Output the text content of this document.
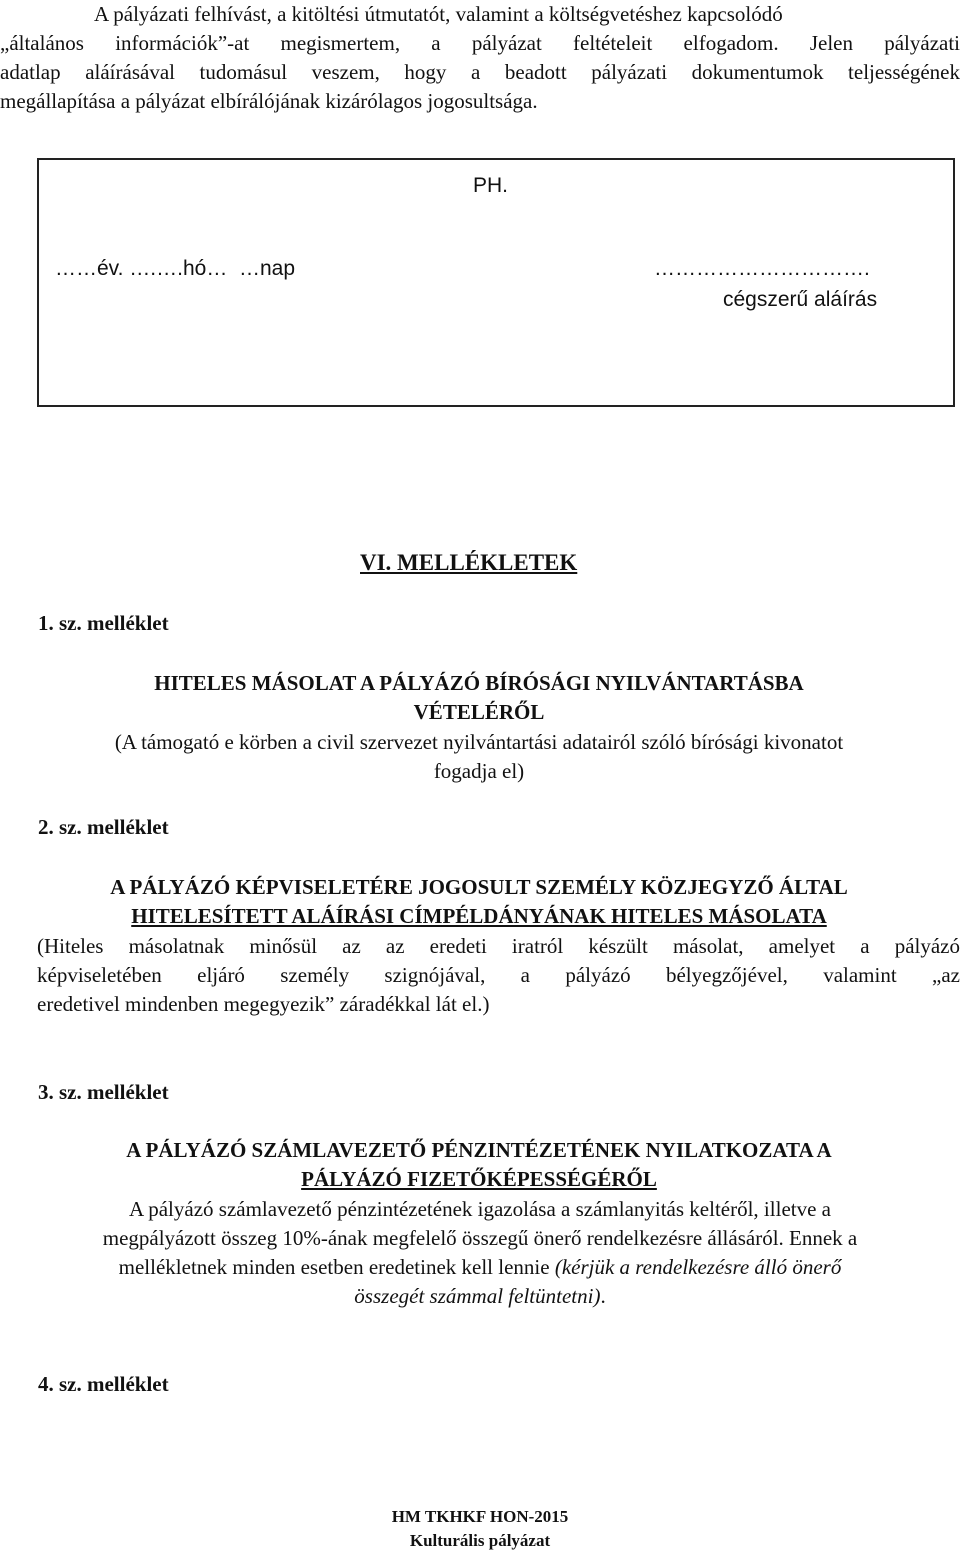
A pályázati felhívást, a kitöltési útmutatót, valamint a költségvetéshez kapcsolódó
„általános információk”-at megismertem, a pályázat feltételeit elfogadom. Jelen pályázati
adatlap aláírásával tudomásul veszem, hogy a beadott pályázati dokumentumok teljességének
megállapítása a pályázat elbírálójának kizárólagos jogosultsága.
PH.
……év. ….….hó…  …nap	………………………….
cégszerű aláírás
VI. MELLÉKLETEK
1. sz. melléklet
HITELES MÁSOLAT A PÁLYÁZÓ BÍRÓSÁGI NYILVÁNTARTÁSBA
VÉTELÉRŐL
(A támogató e körben a civil szervezet nyilvántartási adatairól szóló bírósági kivonatot
fogadja el)
2. sz. melléklet
A PÁLYÁZÓ KÉPVISELETÉRE JOGOSULT SZEMÉLY KÖZJEGYZŐ ÁLTAL
HITELESÍTETT ALÁÍRÁSI CÍMPÉLDÁNYÁNAK HITELES MÁSOLATA
(Hiteles másolatnak minősül az az eredeti iratról készült másolat, amelyet a pályázó
képviseletében eljáró személy szignójával, a pályázó bélyegzőjével, valamint „az
eredetivel mindenben megegyezik” záradékkal lát el.)
3. sz. melléklet
A PÁLYÁZÓ SZÁMLAVEZETŐ PÉNZINTÉZETÉNEK NYILATKOZATA A
PÁLYÁZÓ FIZETŐKÉPESSÉGÉRŐL
A pályázó számlavezető pénzintézetének igazolása a számlanyitás keltéről, illetve a
megpályázott összeg 10%-ának megfelelő összegű önerő rendelkezésre állásáról. Ennek a
mellékletnek minden esetben eredetinek kell lennie (kérjük a rendelkezésre álló önerő
összegét számmal feltüntetni).
4. sz. melléklet
HM TKHKF HON-2015
Kulturális pályázat
